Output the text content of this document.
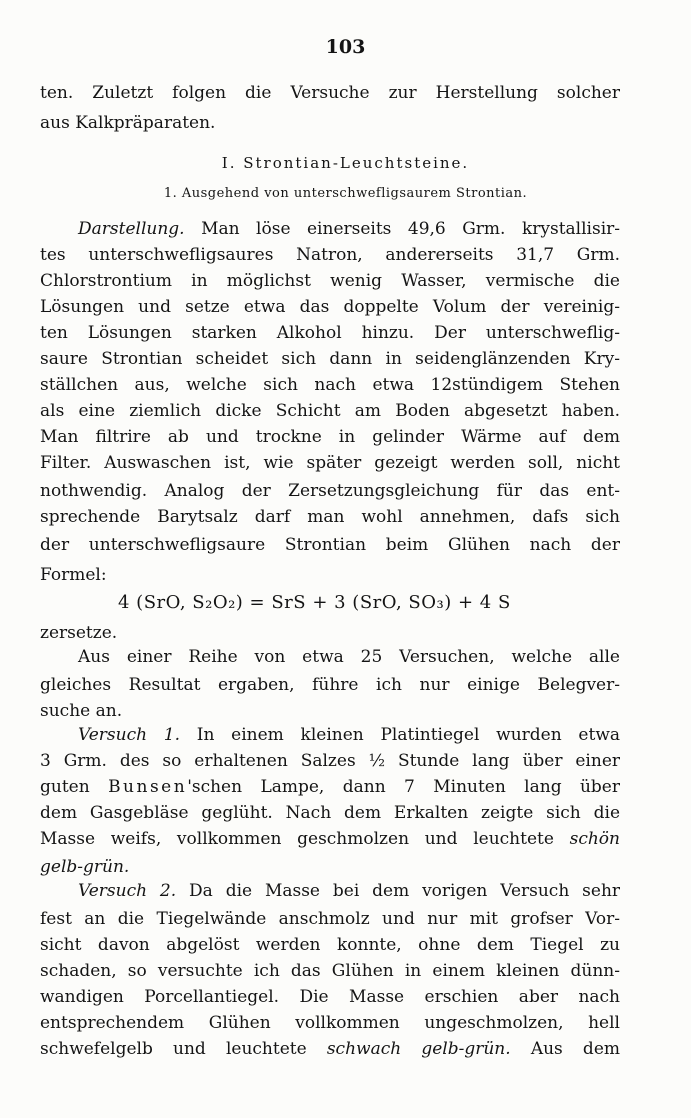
103
ten. Zuletzt folgen die Versuche zur Herstellung solcher
aus Kalkpräparaten.
I. Strontian-Leuchtsteine.
1. Ausgehend von unterschwefligsaurem Strontian.
Darstellung. Man löse einerseits 49,6 Grm. krystallisir-
tes unterschwefligsaures Natron, andererseits 31,7 Grm.
Chlorstrontium in möglichst wenig Wasser, vermische die
Lösungen und setze etwa das doppelte Volum der vereinig-
ten Lösungen starken Alkohol hinzu. Der unterschweflig-
saure Strontian scheidet sich dann in seidenglänzenden Kry-
ställchen aus, welche sich nach etwa 12stündigem Stehen
als eine ziemlich dicke Schicht am Boden abgesetzt haben.
Man filtrire ab und trockne in gelinder Wärme auf dem
Filter. Auswaschen ist, wie später gezeigt werden soll, nicht
nothwendig. Analog der Zersetzungsgleichung für das ent-
sprechende Barytsalz darf man wohl annehmen, dafs sich
der unterschwefligsaure Strontian beim Glühen nach der
Formel:
4 (SrO, S₂O₂) = SrS + 3 (SrO, SO₃) + 4 S
zersetze.
Aus einer Reihe von etwa 25 Versuchen, welche alle
gleiches Resultat ergaben, führe ich nur einige Belegver-
suche an.
Versuch 1. In einem kleinen Platintiegel wurden etwa
3 Grm. des so erhaltenen Salzes ½ Stunde lang über einer
guten Bunsen'schen Lampe, dann 7 Minuten lang über
dem Gasgebläse geglüht. Nach dem Erkalten zeigte sich die
Masse weifs, vollkommen geschmolzen und leuchtete schön
gelb-grün.
Versuch 2. Da die Masse bei dem vorigen Versuch sehr
fest an die Tiegelwände anschmolz und nur mit grofser Vor-
sicht davon abgelöst werden konnte, ohne dem Tiegel zu
schaden, so versuchte ich das Glühen in einem kleinen dünn-
wandigen Porcellantiegel. Die Masse erschien aber nach
entsprechendem Glühen vollkommen ungeschmolzen, hell
schwefelgelb und leuchtete schwach gelb-grün. Aus dem
